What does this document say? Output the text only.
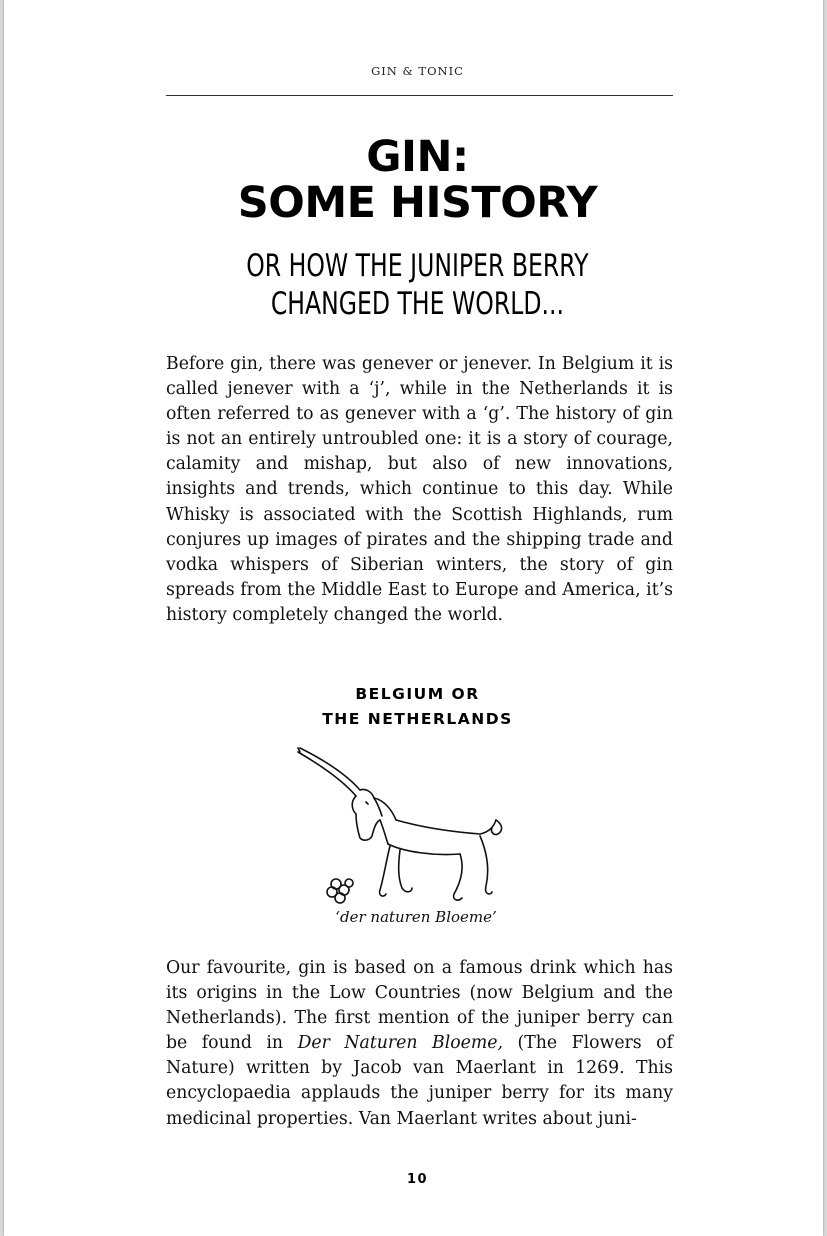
GIN & TONIC
GIN:
SOME HISTORY
OR HOW THE JUNIPER BERRY
CHANGED THE WORLD...

Before gin, there was genever or jenever. In Belgium it is called jenever with a ‘j’, while in the Netherlands it is often referred to as genever with a ‘g’. The history of gin is not an entirely untroubled one: it is a story of courage, calamity and mishap, but also of new innovations, insights and trends, which continue to this day. While Whisky is associated with the Scottish Highlands, rum conjures up images of pirates and the shipping trade and vodka whispers of Siberian winters, the story of gin spreads from the Middle East to Europe and America, it’s history completely changed the world.

BELGIUM OR
THE NETHERLANDS
‘der naturen Bloeme’

Our favourite, gin is based on a famous drink which has its origins in the Low Countries (now Belgium and the Netherlands). The first mention of the juniper berry can be found in Der Naturen Bloeme, (The Flowers of Nature) written by Jacob van Maerlant in 1269. This encyclopaedia applauds the juniper berry for its many medicinal properties. Van Maerlant writes about juni-

10
